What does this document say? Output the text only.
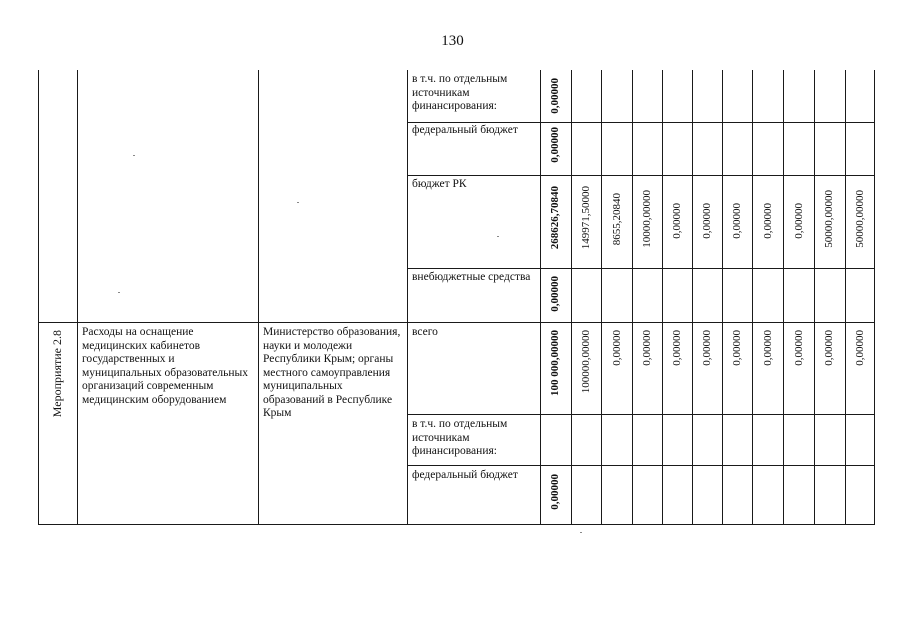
130
в т.ч. по отдельным источникам финансирования:
федеральный бюджет
бюджет РК
внебюджетные средства
0,00000
0,00000
268626,70840 149971,50000 8655,20840 10000,00000 0,00000 0,00000 0,00000 0,00000 0,00000 50000,00000 50000,00000
0,00000
Мероприятие 2.8 Расходы на оснащение медицинских кабинетов государственных и муниципальных образовательных организаций современным медицинским оборудованием
Министерство образования, науки и молодежи Республики Крым; органы местного самоуправления муниципальных образований в Республике Крым
всего
в т.ч. по отдельным источникам финансирования:
федеральный бюджет
100 000,00000 100000,00000 0,00000 0,00000 0,00000 0,00000 0,00000 0,00000 0,00000 0,00000 0,00000
0,00000
